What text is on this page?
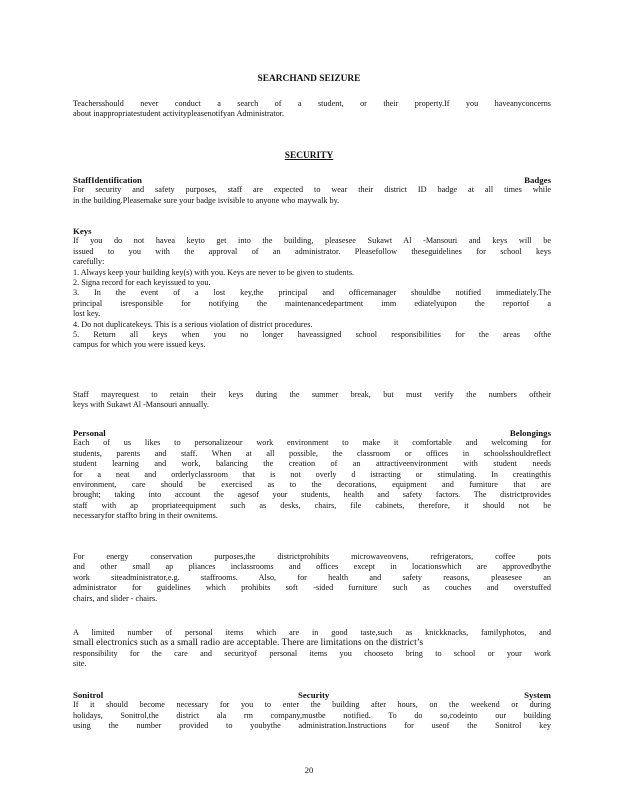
SEARCHAND SEIZURE

Teachersshould never conduct a search of a student, or their property.If you haveanyconcerns

about inappropriatestudent activitypleasenotifyan Administrator.

SECURITY

StaffIdentification              Badges

For security and safety purposes, staff are expected to wear their district ID badge at all times while

in the building.Pleasemake sure your badge isvisible to anyone who maywalk by.

Keys

If you do not havea keyto get into the building, pleasesee Sukawt Al -Mansouri and keys will be

issued to you with the approval of an administrator. Pleasefollow theseguidelines for school keys

carefully:

1. Always keep your building key(s) with you. Keys are never to be given to students.

2. Signa record for each keyissued to you.

3. In the event of a lost key,the principal and officemanager shouldbe notified immediately.The

principal isresponsible for notifying the maintenancedepartment imm ediatelyupon the reportof a

lost key.

4. Do not duplicatekeys. This is a serious violation of district procedures.

5. Return all keys when you no longer haveassigned school responsibilities for the areas ofthe

campus for which you were issued keys.

Staff mayrequest to retain their keys during the summer break, but must verify the numbers oftheir

keys with Sukawt Al -Mansouri annually.

Personal      Belongings

Each of us likes to personalizeour work environment to make it comfortable and welcoming for

students, parents and staff. When at all possible, the classroom or offices in schoolsshouldreflect

student learning and work, balancing the creation of an attractiveenvironment with student needs

for a neat and orderlyclassroom that is not overly d istracting or stimulating. In creatingthis

environment, care should be exercised as to the decorations, equipment and furniture that are

brought; taking into account the agesof your students, health and safety factors. The districtprovides

staff with ap propriateequipment such as desks, chairs, file cabinets, therefore, it should not be

necessaryfor staffto bring in their ownitems.

For energy conservation purposes,the districtprohibits microwaveovens, refrigerators, coffee pots

and other small ap pliances inclassrooms and offices except in locationswhich are approvedbythe

work siteadministrator,e.g. staffrooms. Also, for health and safety reasons, pleasesee an

administrator for guidelines which prohibits soft -sided furniture such as couches and overstuffed

chairs, and slider - chairs.

A limited number of personal items which are in good taste,such as knickknacks, familyphotos, and

small electronics such as a small radio are acceptable. There are limitations on the district’s

responsibility for the care and securityof personal items you chooseto bring to school or your work

site.

Sonitrol      Security      System

If it should become necessary for you to enter the building after hours, on the weekend or during

holidays, Sonitrol,the district ala rm company,mustbe notified. To do so,codeinto our building

using the number provided to youbythe administration.Instructions for useof the Sonitrol key

20
